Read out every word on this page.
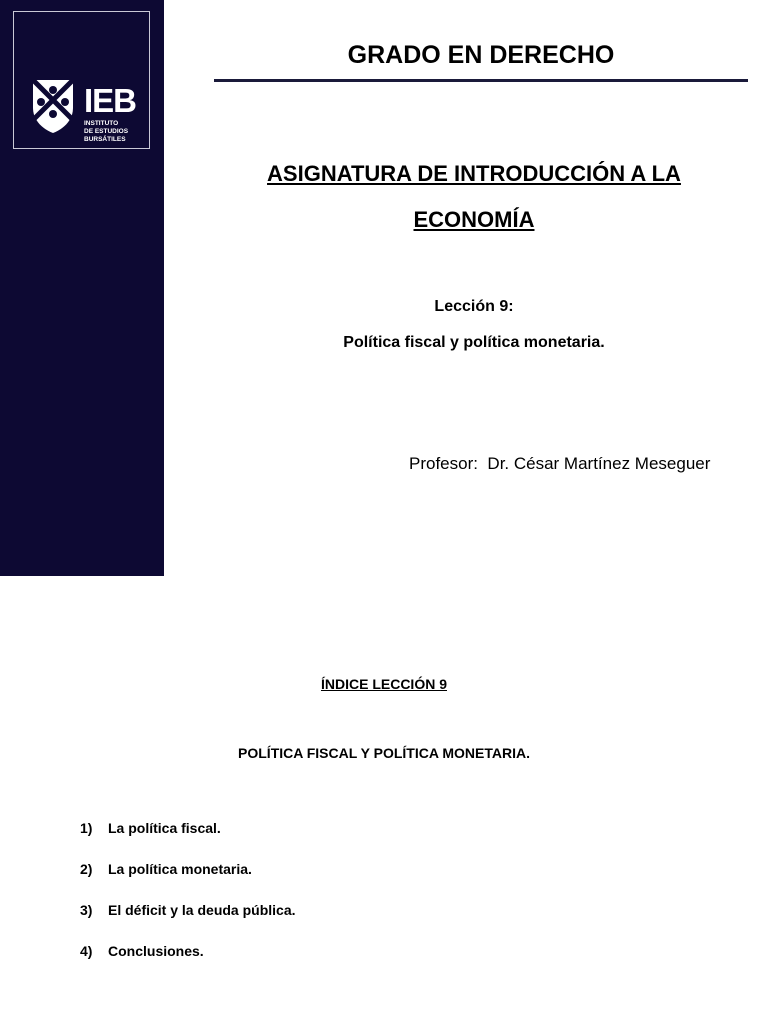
IEB
INSTITUTO
DE ESTUDIOS
BURSÁTILES
GRADO EN DERECHO
ASIGNATURA DE INTRODUCCIÓN A LA
ECONOMÍA
Lección 9:
Política fiscal y política monetaria.
Profesor:  Dr. César Martínez Meseguer
ÍNDICE LECCIÓN 9
POLÍTICA FISCAL Y POLÍTICA MONETARIA.
1) La política fiscal.
2) La política monetaria.
3) El déficit y la deuda pública.
4) Conclusiones.
